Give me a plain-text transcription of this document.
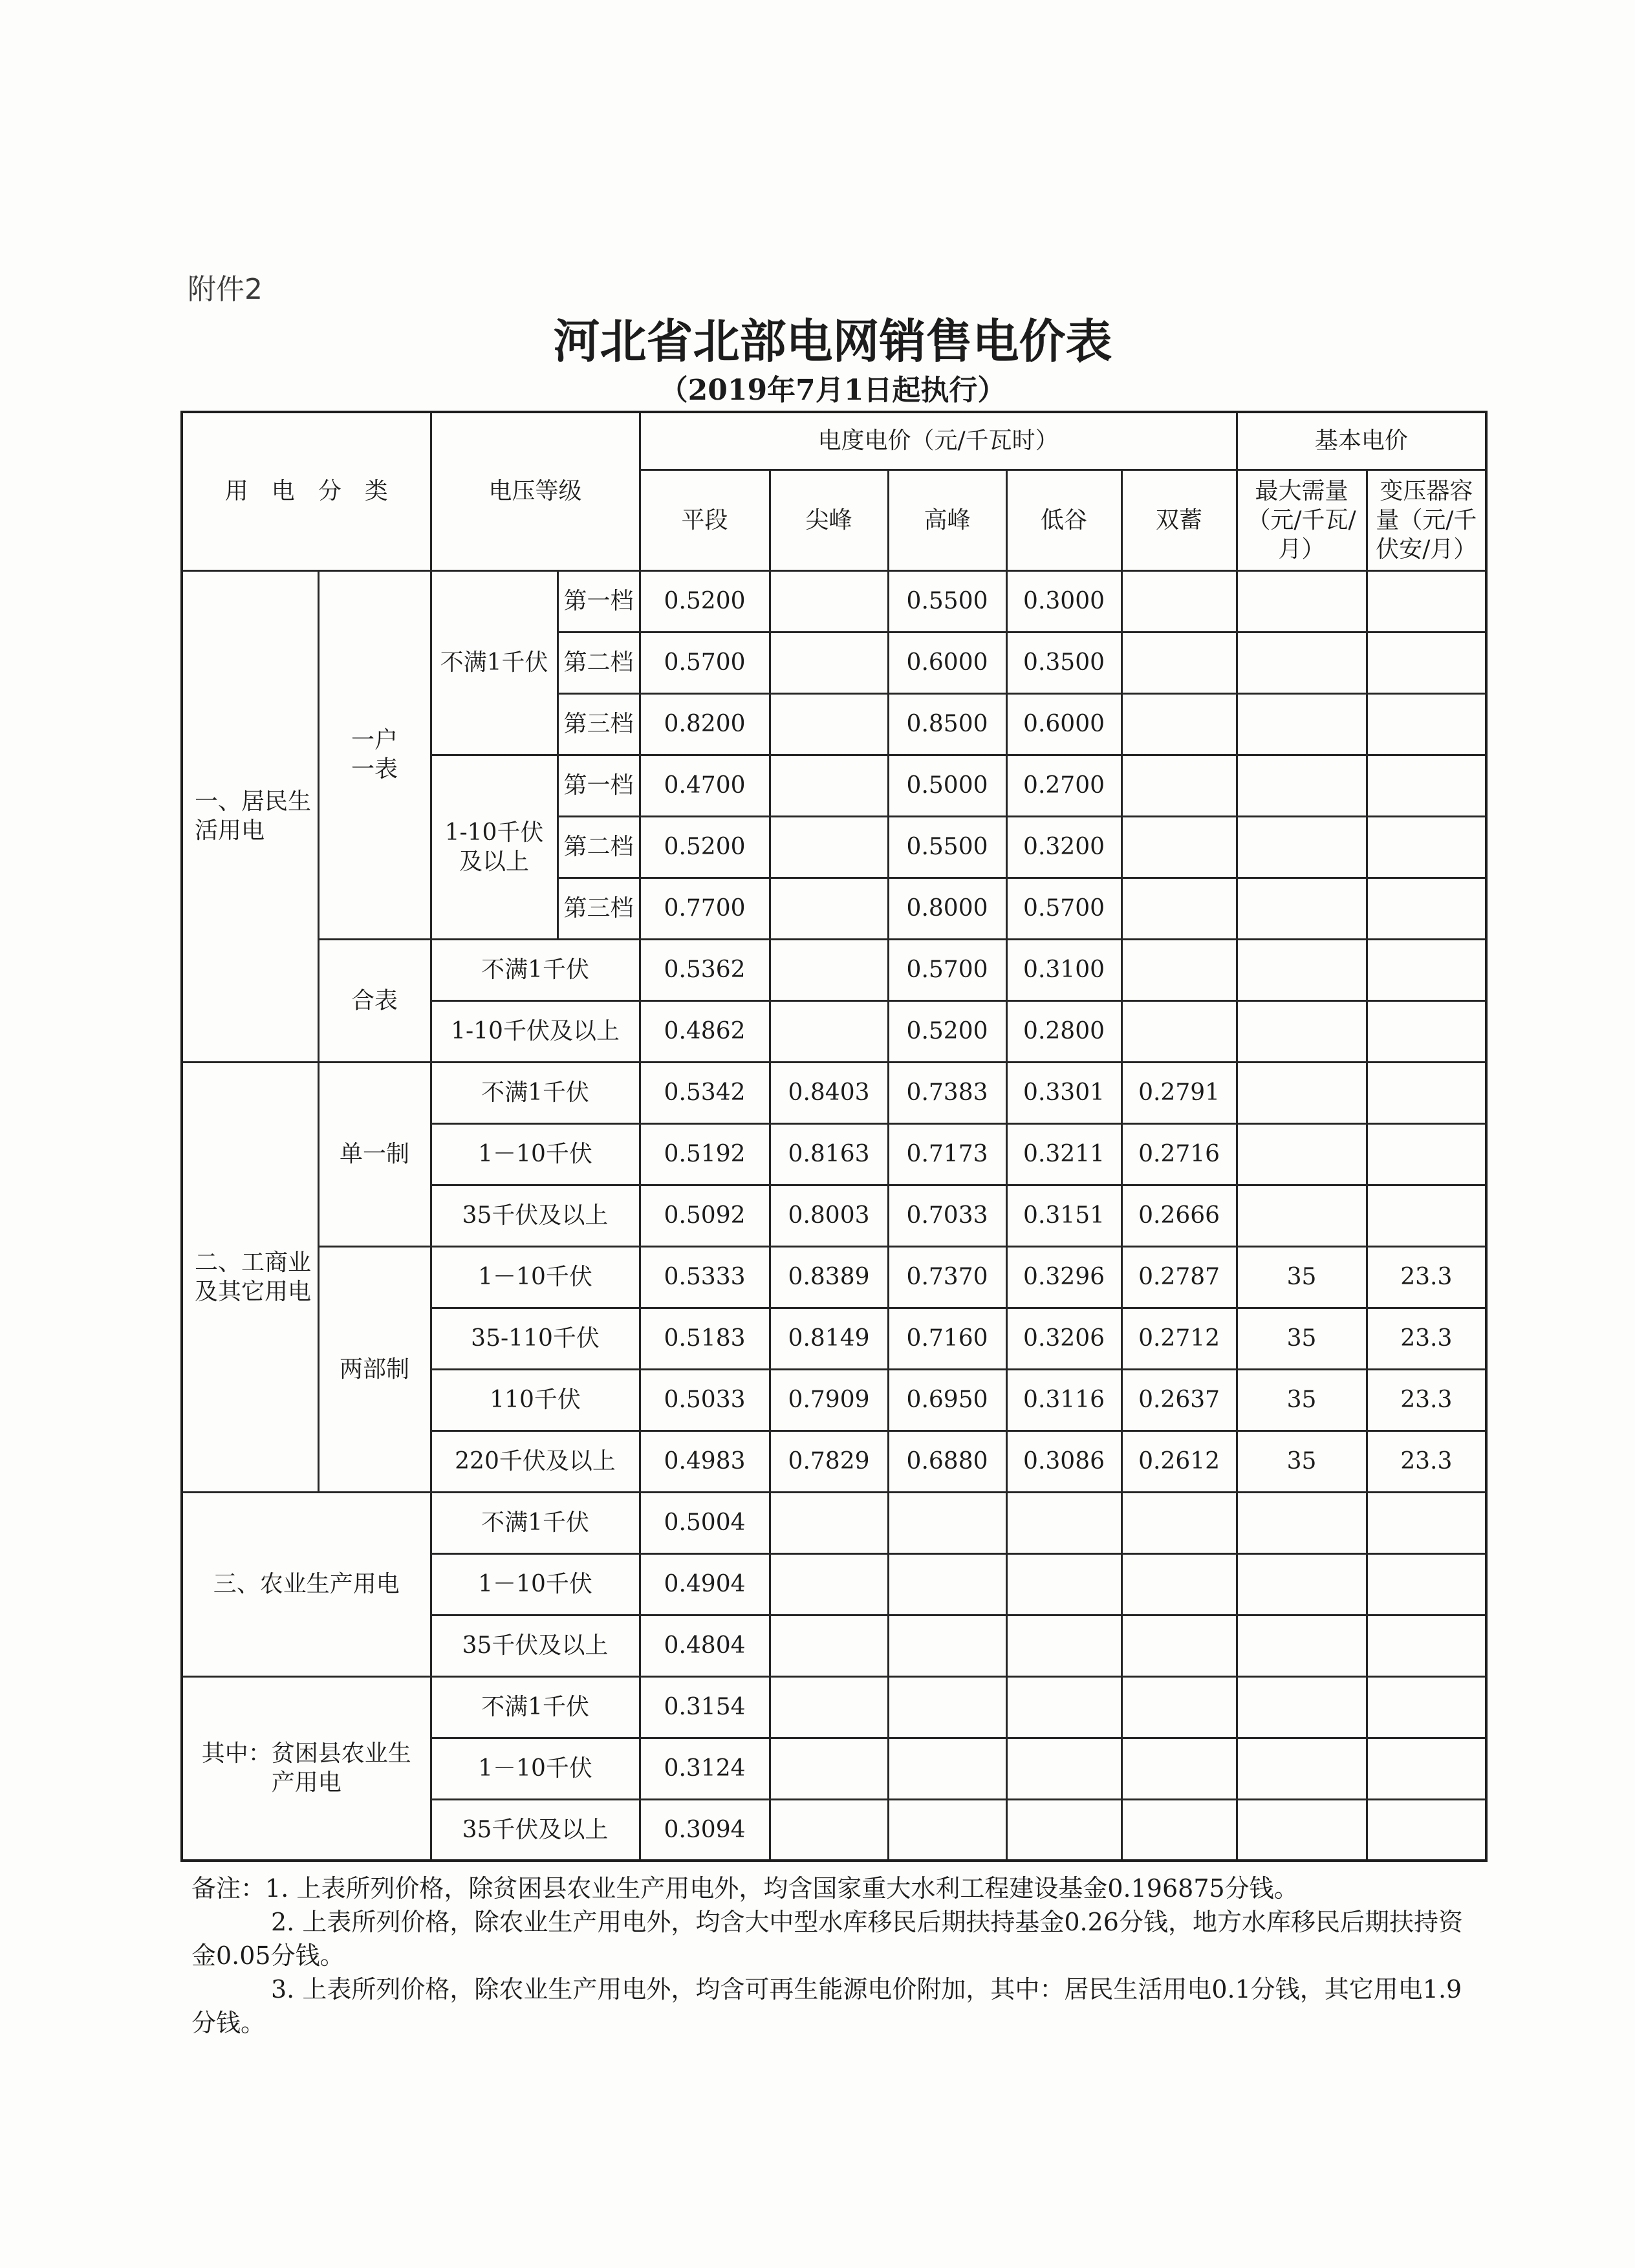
附件2
河北省北部电网销售电价表
（2019年7月1日起执行）
用　电　分　类		电压等级		电度电价（元/千瓦时）					基本电价	
				平段	尖峰	高峰	低谷	双蓄	最大需量（元/千瓦/月）	变压器容量（元/千伏安/月）
一、居民生活用电	一户一表	不满1千伏	第一档	0.5200		0.5500	0.3000			
			第二档	0.5700		0.6000	0.3500			
			第三档	0.8200		0.8500	0.6000			
		1-10千伏及以上	第一档	0.4700		0.5000	0.2700			
			第二档	0.5200		0.5500	0.3200			
			第三档	0.7700		0.8000	0.5700			
	合表	不满1千伏		0.5362		0.5700	0.3100			
		1-10千伏及以上		0.4862		0.5200	0.2800			
二、工商业及其它用电	单一制	不满1千伏		0.5342	0.8403	0.7383	0.3301	0.2791		
		1－10千伏		0.5192	0.8163	0.7173	0.3211	0.2716		
		35千伏及以上		0.5092	0.8003	0.7033	0.3151	0.2666		
	两部制	1－10千伏		0.5333	0.8389	0.7370	0.3296	0.2787	35	23.3
		35-110千伏		0.5183	0.8149	0.7160	0.3206	0.2712	35	23.3
		110千伏		0.5033	0.7909	0.6950	0.3116	0.2637	35	23.3
		220千伏及以上		0.4983	0.7829	0.6880	0.3086	0.2612	35	23.3
三、农业生产用电		不满1千伏		0.5004						
		1－10千伏		0.4904						
		35千伏及以上		0.4804						
其中：贫困县农业生产用电		不满1千伏		0.3154						
		1－10千伏		0.3124						
		35千伏及以上		0.3094						

备注：1. 上表所列价格，除贫困县农业生产用电外，均含国家重大水利工程建设基金0.196875分钱。

2. 上表所列价格，除农业生产用电外，均含大中型水库移民后期扶持基金0.26分钱，地方水库移民后期扶持资金0.05分钱。

3. 上表所列价格，除农业生产用电外，均含可再生能源电价附加，其中：居民生活用电0.1分钱，其它用电1.9分钱。
